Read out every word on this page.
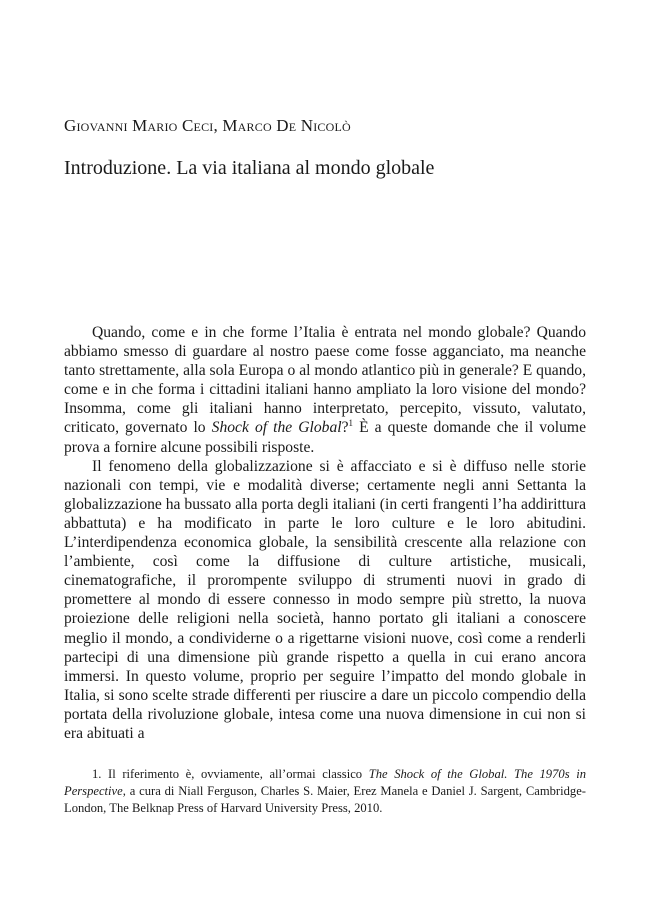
Giovanni Mario Ceci, Marco De Nicolò
Introduzione. La via italiana al mondo globale

Quando, come e in che forme l’Italia è entrata nel mondo globale? Quando abbiamo smesso di guardare al nostro paese come fosse agganciato, ma neanche tanto strettamente, alla sola Europa o al mondo atlantico più in generale? E quando, come e in che forma i cittadini italiani hanno ampliato la loro visione del mondo? Insomma, come gli italiani hanno interpretato, percepito, vissuto, valutato, criticato, governato lo Shock of the Global?$^1$ È a queste domande che il volume prova a fornire alcune possibili risposte.

Il fenomeno della globalizzazione si è affacciato e si è diffuso nelle storie nazionali con tempi, vie e modalità diverse; certamente negli anni Settanta la globalizzazione ha bussato alla porta degli italiani (in certi frangenti l’ha addirittura abbattuta) e ha modificato in parte le loro culture e le loro abitudini. L’interdipendenza economica globale, la sensibilità crescente alla relazione con l’ambiente, così come la diffusione di culture artistiche, musicali, cinematografiche, il prorompente sviluppo di strumenti nuovi in grado di promettere al mondo di essere connesso in modo sempre più stretto, la nuova proiezione delle religioni nella società, hanno portato gli italiani a conoscere meglio il mondo, a condividerne o a rigettarne visioni nuove, così come a renderli partecipi di una dimensione più grande rispetto a quella in cui erano ancora immersi. In questo volume, proprio per seguire l’impatto del mondo globale in Italia, si sono scelte strade differenti per riuscire a dare un piccolo compendio della portata della rivoluzione globale, intesa come una nuova dimensione in cui non si era abituati a

1. Il riferimento è, ovviamente, all’ormai classico The Shock of the Global. The 1970s in Perspective, a cura di Niall Ferguson, Charles S. Maier, Erez Manela e Daniel J. Sargent, Cambridge-London, The Belknap Press of Harvard University Press, 2010.
